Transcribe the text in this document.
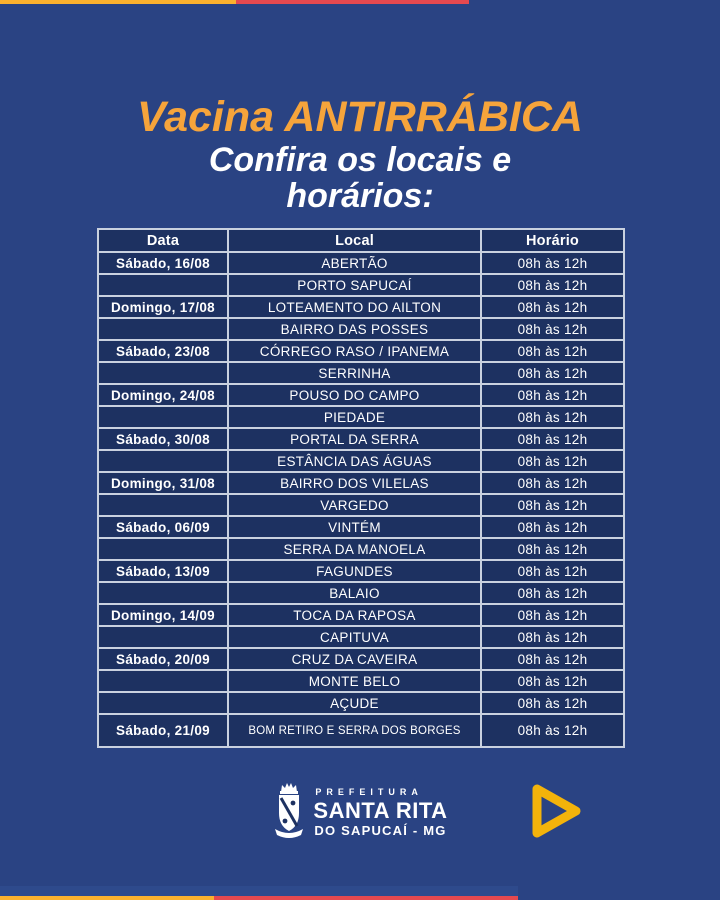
Vacina ANTIRRÁBICA
Confira os locais e horários:
Data	Local	Horário
Sábado, 16/08	ABERTÃO	08h às 12h
	PORTO SAPUCAÍ	08h às 12h
Domingo, 17/08	LOTEAMENTO DO AILTON	08h às 12h
	BAIRRO DAS POSSES	08h às 12h
Sábado, 23/08	CÓRREGO RASO / IPANEMA	08h às 12h
	SERRINHA	08h às 12h
Domingo, 24/08	POUSO DO CAMPO	08h às 12h
	PIEDADE	08h às 12h
Sábado, 30/08	PORTAL DA SERRA	08h às 12h
	ESTÂNCIA DAS ÁGUAS	08h às 12h
Domingo, 31/08	BAIRRO DOS VILELAS	08h às 12h
	VARGEDO	08h às 12h
Sábado, 06/09	VINTÉM	08h às 12h
	SERRA DA MANOELA	08h às 12h
Sábado, 13/09	FAGUNDES	08h às 12h
	BALAIO	08h às 12h
Domingo, 14/09	TOCA DA RAPOSA	08h às 12h
	CAPITUVA	08h às 12h
Sábado, 20/09	CRUZ DA CAVEIRA	08h às 12h
	MONTE BELO	08h às 12h
	AÇUDE	08h às 12h
Sábado, 21/09	BOM RETIRO E SERRA DOS BORGES	08h às 12h
PREFEITURA
SANTA RITA
DO SAPUCAÍ - MG
